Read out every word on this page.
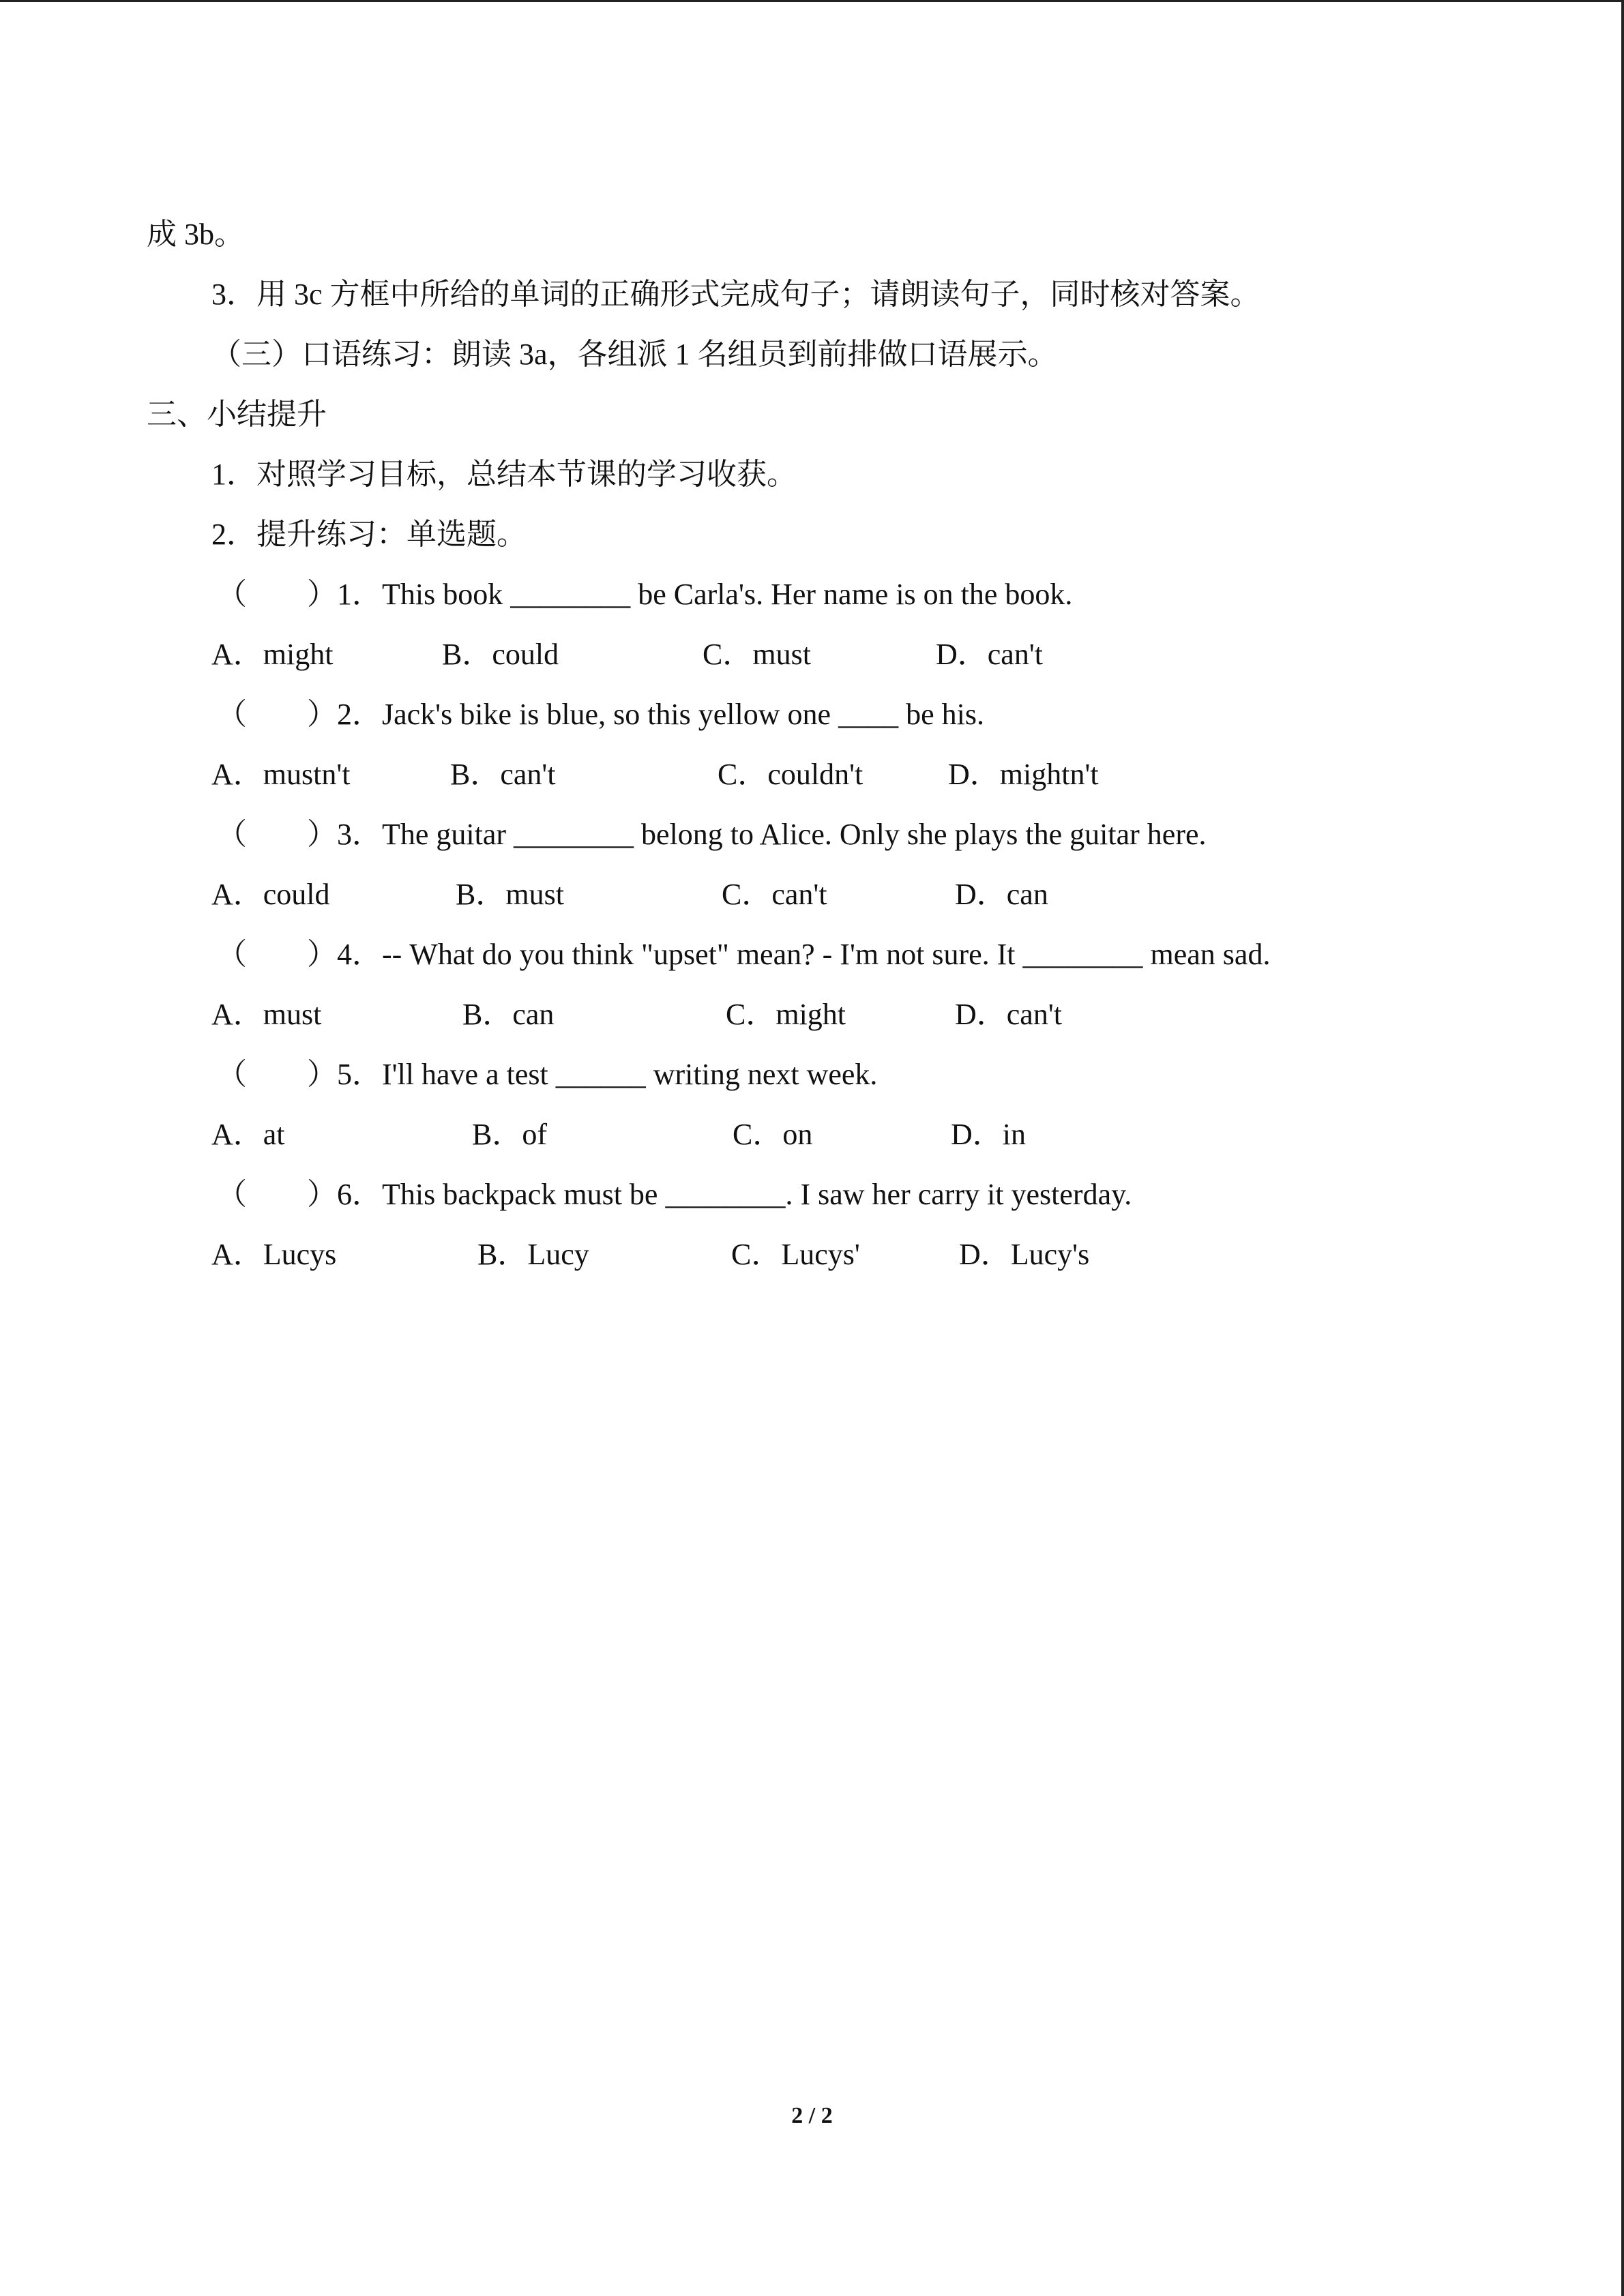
成 3b。
3．用 3c 方框中所给的单词的正确形式完成句子；请朗读句子，同时核对答案。
（三）口语练习：朗读 3a，各组派 1 名组员到前排做口语展示。
三、小结提升
1．对照学习目标，总结本节课的学习收获。
2．提升练习：单选题。
（　　）1．This book ________ be Carla's. Her name is on the book.
A．might	B．could	C．must	D．can't
（　　）2．Jack's bike is blue, so this yellow one ____ be his.
A．mustn't	B．can't	C．couldn't	D．mightn't
（　　）3．The guitar ________ belong to Alice. Only she plays the guitar here.
A．could	B．must	C．can't	D．can
（　　）4．-- What do you think "upset" mean? - I'm not sure. It ________ mean sad.
A．must	B．can	C．might	D．can't
（　　）5．I'll have a test ______ writing next week.
A．at	B．of	C．on	D．in
（　　）6．This backpack must be ________. I saw her carry it yesterday.
A．Lucys	B．Lucy	C．Lucys'	D．Lucy's
2 / 2
